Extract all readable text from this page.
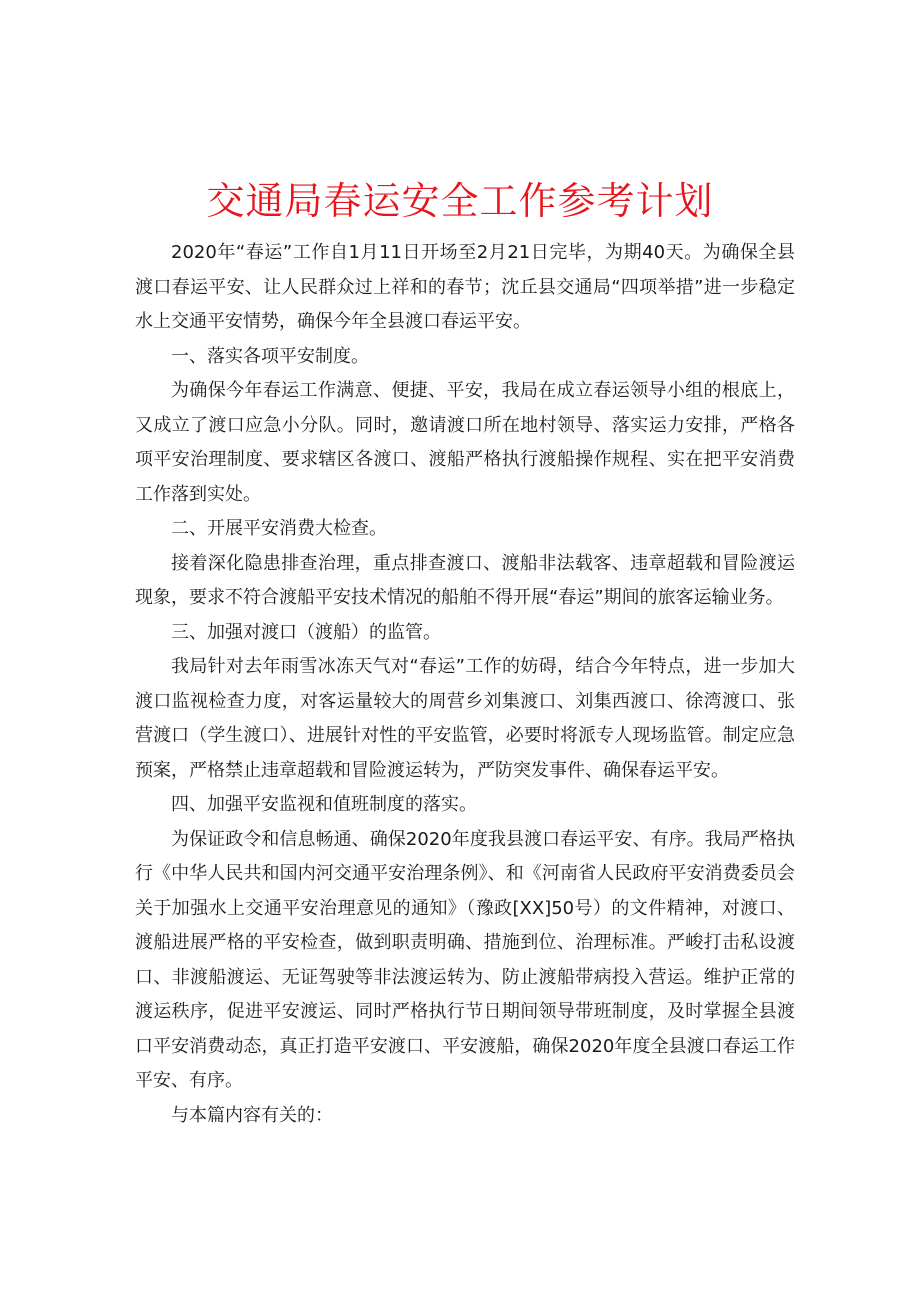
交通局春运安全工作参考计划

2020年“春运”工作自1月11日开场至2月21日完毕，为期40天。为确保全县渡口春运平安、让人民群众过上祥和的春节；沈丘县交通局“四项举措”进一步稳定水上交通平安情势，确保今年全县渡口春运平安。

一、落实各项平安制度。

为确保今年春运工作满意、便捷、平安，我局在成立春运领导小组的根底上，又成立了渡口应急小分队。同时，邀请渡口所在地村领导、落实运力安排，严格各项平安治理制度、要求辖区各渡口、渡船严格执行渡船操作规程、实在把平安消费工作落到实处。

二、开展平安消费大检查。

接着深化隐患排查治理，重点排查渡口、渡船非法载客、违章超载和冒险渡运现象，要求不符合渡船平安技术情况的船舶不得开展“春运”期间的旅客运输业务。

三、加强对渡口（渡船）的监管。

我局针对去年雨雪冰冻天气对“春运”工作的妨碍，结合今年特点，进一步加大渡口监视检查力度，对客运量较大的周营乡刘集渡口、刘集西渡口、徐湾渡口、张营渡口（学生渡口）、进展针对性的平安监管，必要时将派专人现场监管。制定应急预案，严格禁止违章超载和冒险渡运转为，严防突发事件、确保春运平安。

四、加强平安监视和值班制度的落实。

为保证政令和信息畅通、确保2020年度我县渡口春运平安、有序。我局严格执行《中华人民共和国内河交通平安治理条例》、和《河南省人民政府平安消费委员会关于加强水上交通平安治理意见的通知》（豫政[XX]50号）的文件精神，对渡口、渡船进展严格的平安检查，做到职责明确、措施到位、治理标准。严峻打击私设渡口、非渡船渡运、无证驾驶等非法渡运转为、防止渡船带病投入营运。维护正常的渡运秩序，促进平安渡运、同时严格执行节日期间领导带班制度，及时掌握全县渡口平安消费动态，真正打造平安渡口、平安渡船，确保2020年度全县渡口春运工作平安、有序。

与本篇内容有关的：
